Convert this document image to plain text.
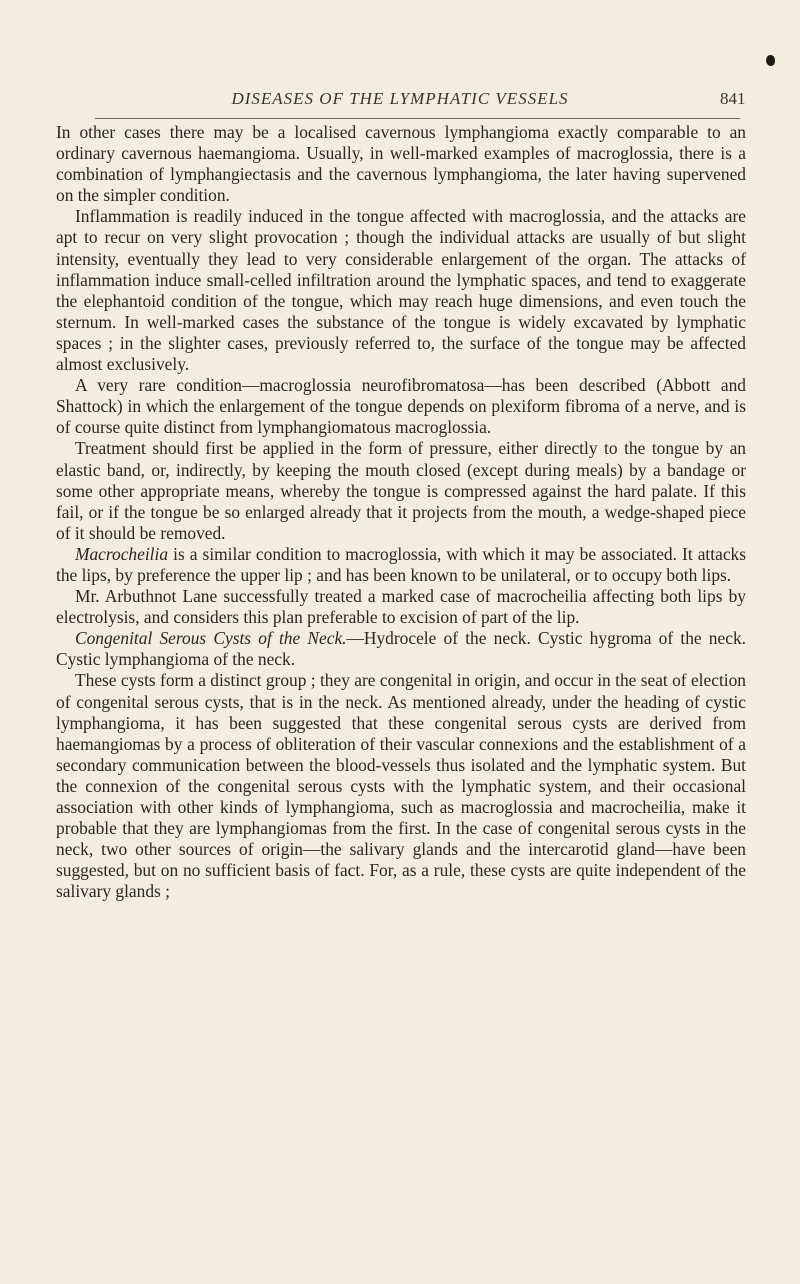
DISEASES OF THE LYMPHATIC VESSELS	841

In other cases there may be a localised cavernous lymphangioma exactly comparable to an ordinary cavernous haemangioma. Usually, in well-marked examples of macroglossia, there is a combination of lymphangiectasis and the cavernous lymphangioma, the later having supervened on the simpler condition.

Inflammation is readily induced in the tongue affected with macroglossia, and the attacks are apt to recur on very slight provocation ; though the individual attacks are usually of but slight intensity, eventually they lead to very considerable enlargement of the organ. The attacks of inflammation induce small-celled infiltration around the lymphatic spaces, and tend to exaggerate the elephantoid condition of the tongue, which may reach huge dimensions, and even touch the sternum. In well-marked cases the substance of the tongue is widely excavated by lymphatic spaces ; in the slighter cases, previously referred to, the surface of the tongue may be affected almost exclusively.

A very rare condition—macroglossia neurofibromatosa—has been described (Abbott and Shattock) in which the enlargement of the tongue depends on plexiform fibroma of a nerve, and is of course quite distinct from lymphangiomatous macroglossia.

Treatment should first be applied in the form of pressure, either directly to the tongue by an elastic band, or, indirectly, by keeping the mouth closed (except during meals) by a bandage or some other appropriate means, whereby the tongue is compressed against the hard palate. If this fail, or if the tongue be so enlarged already that it projects from the mouth, a wedge-shaped piece of it should be removed.

Macrocheilia is a similar condition to macroglossia, with which it may be associated. It attacks the lips, by preference the upper lip ; and has been known to be unilateral, or to occupy both lips.

Mr. Arbuthnot Lane successfully treated a marked case of macrocheilia affecting both lips by electrolysis, and considers this plan preferable to excision of part of the lip.

Congenital Serous Cysts of the Neck.—Hydrocele of the neck. Cystic hygroma of the neck. Cystic lymphangioma of the neck.

These cysts form a distinct group ; they are congenital in origin, and occur in the seat of election of congenital serous cysts, that is in the neck. As mentioned already, under the heading of cystic lymphangioma, it has been suggested that these congenital serous cysts are derived from haemangiomas by a process of obliteration of their vascular connexions and the establishment of a secondary communication between the blood-vessels thus isolated and the lymphatic system. But the connexion of the congenital serous cysts with the lymphatic system, and their occasional association with other kinds of lymphangioma, such as macroglossia and macrocheilia, make it probable that they are lymphangiomas from the first. In the case of congenital serous cysts in the neck, two other sources of origin—the salivary glands and the intercarotid gland—have been suggested, but on no sufficient basis of fact. For, as a rule, these cysts are quite independent of the salivary glands ;
